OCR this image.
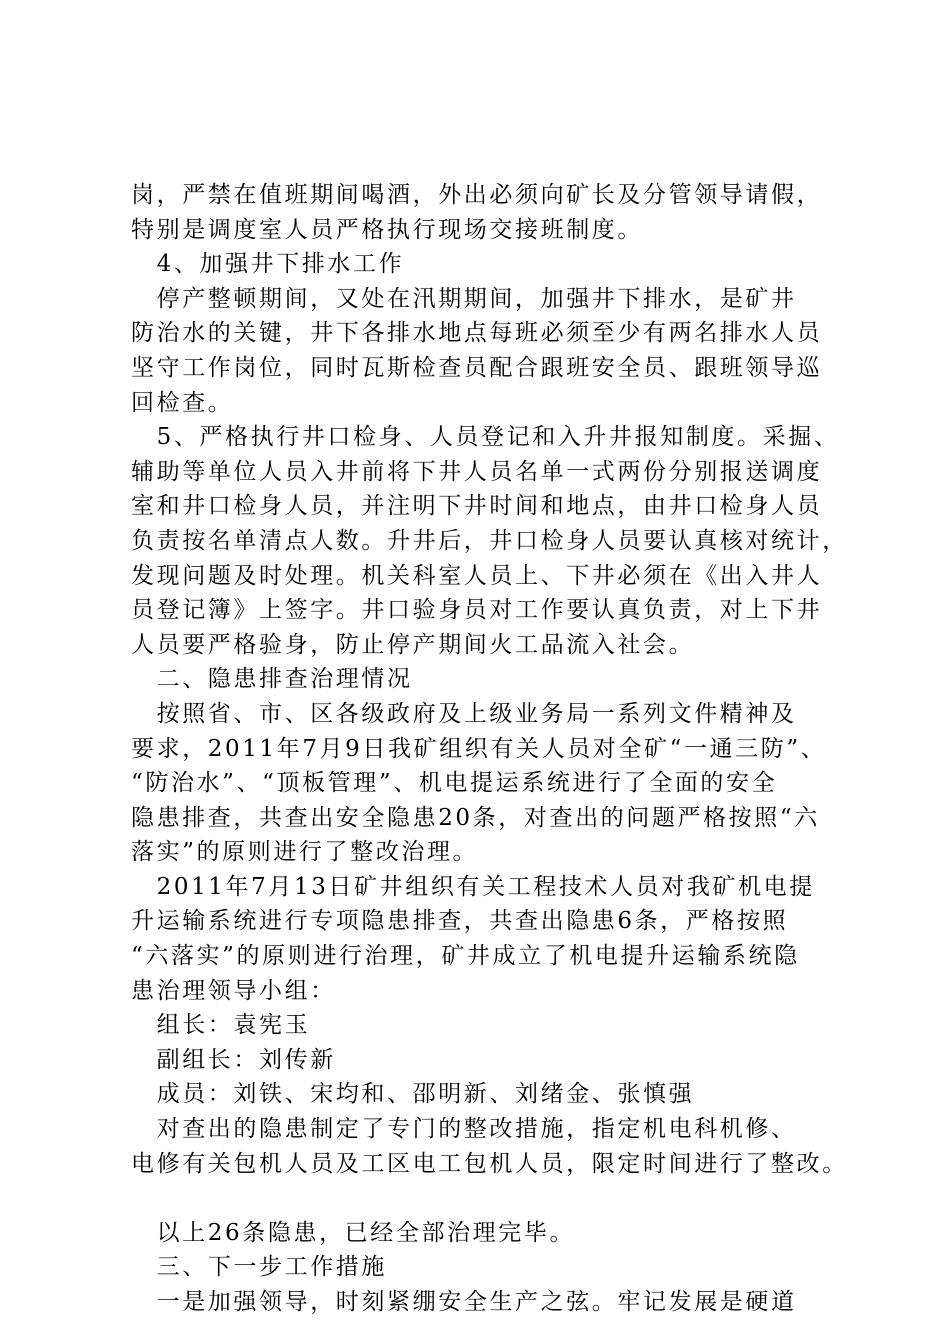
岗，严禁在值班期间喝酒，外出必须向矿长及分管领导请假，
特别是调度室人员严格执行现场交接班制度。
　4、加强井下排水工作
　停产整顿期间，又处在汛期期间，加强井下排水，是矿井
防治水的关键，井下各排水地点每班必须至少有两名排水人员
坚守工作岗位，同时瓦斯检查员配合跟班安全员、跟班领导巡
回检查。
　5、严格执行井口检身、人员登记和入升井报知制度。采掘、
辅助等单位人员入井前将下井人员名单一式两份分别报送调度
室和井口检身人员，并注明下井时间和地点，由井口检身人员
负责按名单清点人数。升井后，井口检身人员要认真核对统计，
发现问题及时处理。机关科室人员上、下井必须在《出入井人
员登记簿》上签字。井口验身员对工作要认真负责，对上下井
人员要严格验身，防止停产期间火工品流入社会。
　二、隐患排查治理情况
　按照省、市、区各级政府及上级业务局一系列文件精神及
要求，2011年7月9日我矿组织有关人员对全矿“一通三防”、
“防治水”、“顶板管理”、机电提运系统进行了全面的安全
隐患排查，共查出安全隐患20条，对查出的问题严格按照“六
落实”的原则进行了整改治理。
　2011年7月13日矿井组织有关工程技术人员对我矿机电提
升运输系统进行专项隐患排查，共查出隐患6条，严格按照
“六落实”的原则进行治理，矿井成立了机电提升运输系统隐
患治理领导小组：
　组长：袁宪玉
　副组长：刘传新
　成员：刘铁、宋均和、邵明新、刘绪金、张慎强
　对查出的隐患制定了专门的整改措施，指定机电科机修、
电修有关包机人员及工区电工包机人员，限定时间进行了整改。
　以上26条隐患，已经全部治理完毕。
　三、下一步工作措施
　一是加强领导，时刻紧绷安全生产之弦。牢记发展是硬道
